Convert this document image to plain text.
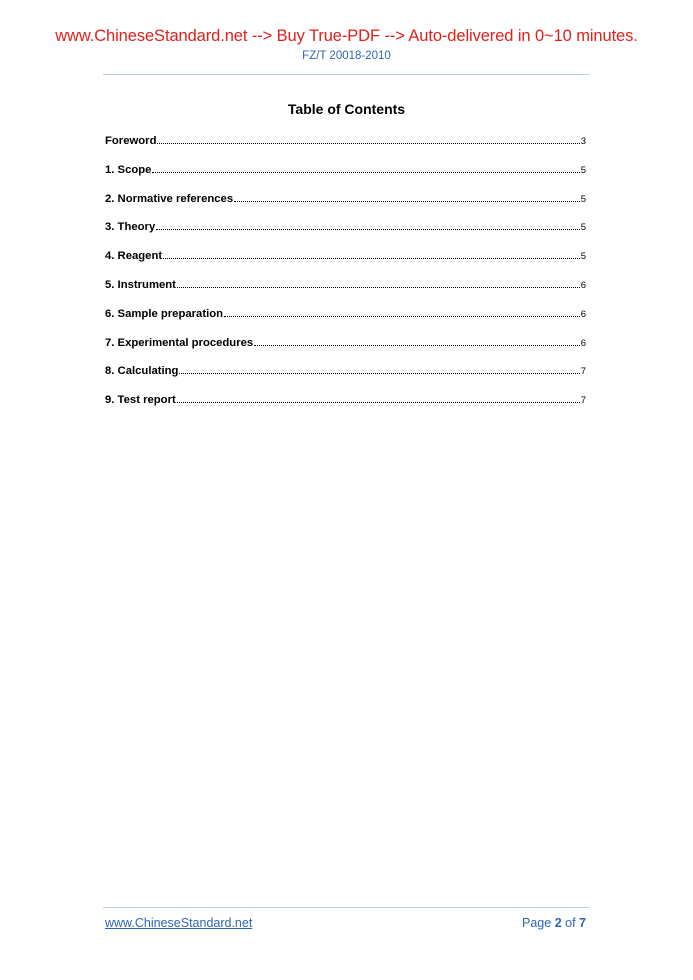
www.ChineseStandard.net --> Buy True-PDF --> Auto-delivered in 0~10 minutes.
FZ/T 20018-2010
Table of Contents
Foreword	3
1. Scope	5
2. Normative references	5
3. Theory	5
4. Reagent	5
5. Instrument	6
6. Sample preparation	6
7. Experimental procedures	6
8. Calculating	7
9. Test report	7
www.ChineseStandard.net	Page 2 of 7
